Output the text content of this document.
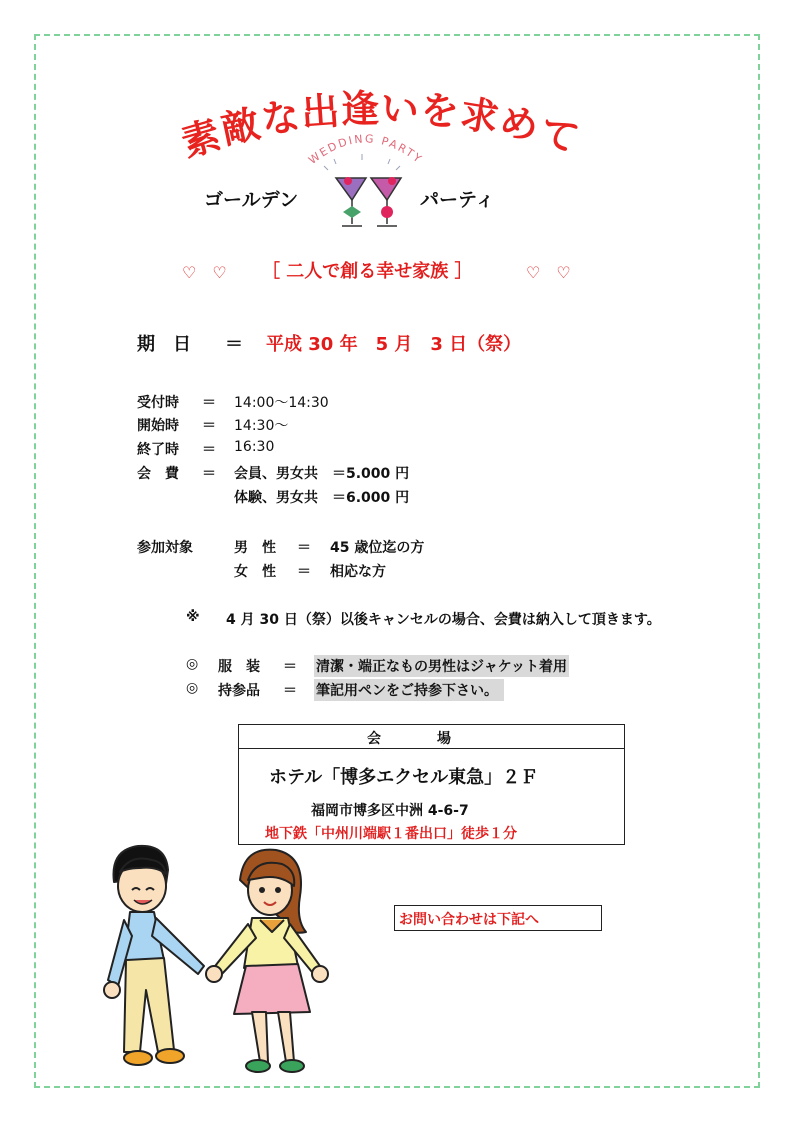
素
敵
な
出 逢 い を
求
め
て
WEDDING PARTY
ゴールデン	パーティ
♡　♡ ［ 二人で創る幸せ家族 ］	♡　♡
期　日 ＝ 平成 30 年　5 月　3 日（祭）
受付時 ＝ 14:00〜14:30
開始時 ＝ 14:30〜
終了時 ＝ 16:30
会　費 ＝ 会員、男女共　＝5.000 円
体験、男女共　＝6.000 円
参加対象	男　性 ＝ 45 歳位迄の方
女　性 ＝ 相応な方
※ 4 月 30 日（祭）以後キャンセルの場合、会費は納入して頂きます。
◎ 服　装 ＝ 清潔・端正なもの男性はジャケット着用
◎ 持参品 ＝ 筆記用ペンをご持参下さい。
会　　　　場
ホテル「博多エクセル東急」２Ｆ
福岡市博多区中洲 4-6-7
地下鉄「中州川端駅１番出口」徒歩１分
お問い合わせは下記へ
